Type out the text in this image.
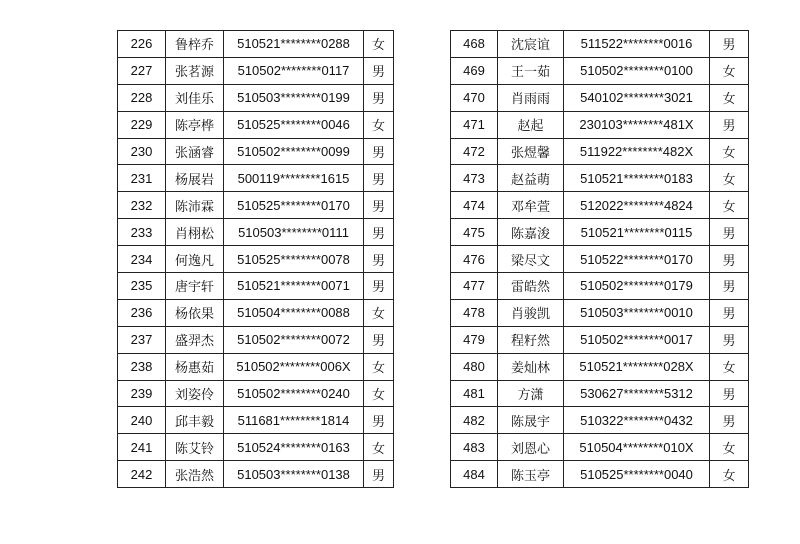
226	鲁梓乔	510521********0288	女		468	沈宸谊	511522********0016	男
227	张茗源	510502********0117	男		469	王一茹	510502********0100	女
228	刘佳乐	510503********0199	男		470	肖雨雨	540102********3021	女
229	陈亭桦	510525********0046	女		471	赵起	230103********481X	男
230	张涵睿	510502********0099	男		472	张煜馨	511922********482X	女
231	杨展岩	500119********1615	男		473	赵益萌	510521********0183	女
232	陈沛霖	510525********0170	男		474	邓牟萱	512022********4824	女
233	肖栩松	510503********0111	男		475	陈嘉浚	510521********0115	男
234	何逸凡	510525********0078	男		476	梁尽文	510522********0170	男
235	唐宇轩	510521********0071	男		477	雷皓然	510502********0179	男
236	杨依果	510504********0088	女		478	肖骏凯	510503********0010	男
237	盛羿杰	510502********0072	男		479	程籽然	510502********0017	男
238	杨惠茹	510502********006X	女		480	姜灿林	510521********028X	女
239	刘姿伶	510502********0240	女		481	方潇	530627********5312	男
240	邱丰毅	511681********1814	男		482	陈晟宇	510322********0432	男
241	陈艾铃	510524********0163	女		483	刘恩心	510504********010X	女
242	张浩然	510503********0138	男		484	陈玉亭	510525********0040	女
